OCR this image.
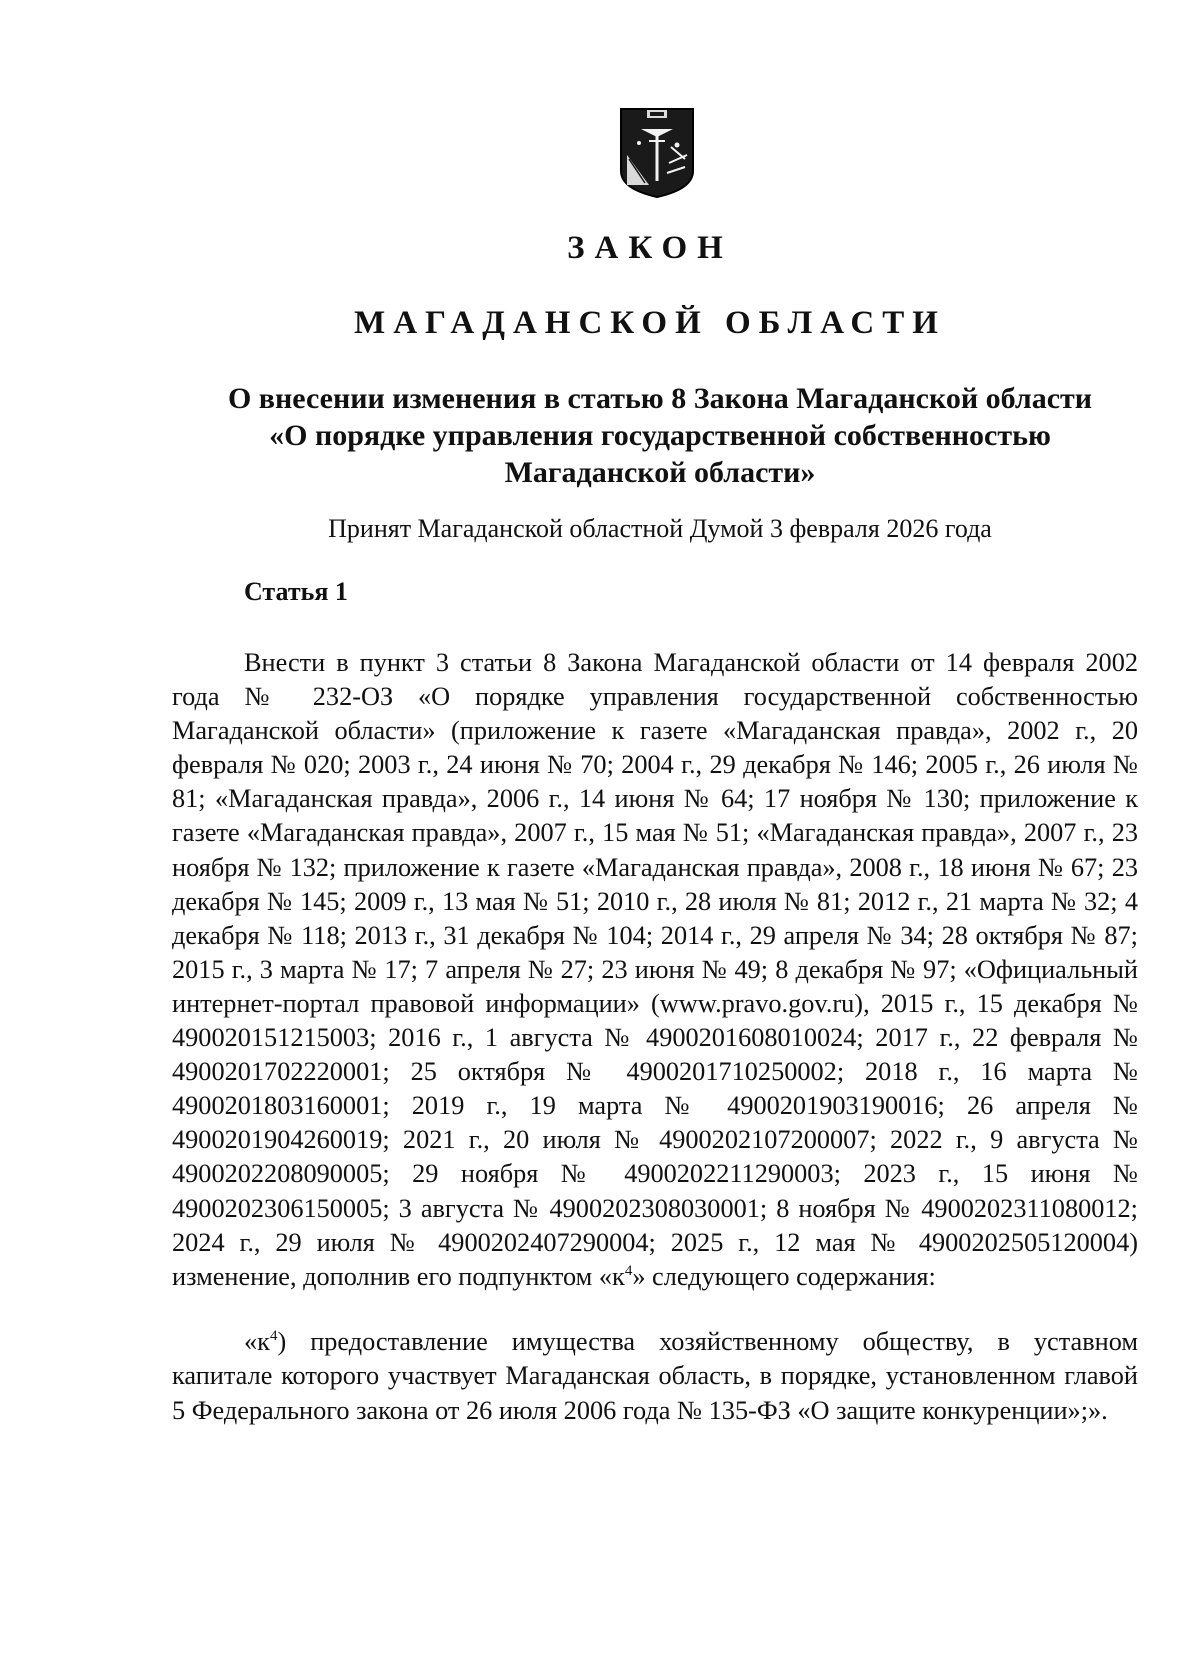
ЗАКОН
МАГАДАНСКОЙ ОБЛАСТИ
О внесении изменения в статью 8 Закона Магаданской области
«О порядке управления государственной собственностью
Магаданской области»
Принят Магаданской областной Думой 3 февраля 2026 года
Статья 1

Внести в пункт 3 статьи 8 Закона Магаданской области от 14 февраля 2002 года № 232-ОЗ «О порядке управления государственной собственностью Магаданской области» (приложение к газете «Магаданская правда», 2002 г., 20 февраля № 020; 2003 г., 24 июня № 70; 2004 г., 29 декабря № 146; 2005 г., 26 июля № 81; «Магаданская правда», 2006 г., 14 июня № 64; 17 ноября № 130; приложение к газете «Магаданская правда», 2007 г., 15 мая № 51; «Магаданская правда», 2007 г., 23 ноября № 132; приложение к газете «Магаданская правда», 2008 г., 18 июня № 67; 23 декабря № 145; 2009 г., 13 мая № 51; 2010 г., 28 июля № 81; 2012 г., 21 марта № 32; 4 декабря № 118; 2013 г., 31 декабря № 104; 2014 г., 29 апреля № 34; 28 октября № 87; 2015 г., 3 марта № 17; 7 апреля № 27; 23 июня № 49; 8 декабря № 97; «Официальный интернет-портал правовой информации» (www.pravo.gov.ru), 2015 г., 15 декабря № 490020151215003; 2016 г., 1 августа № 4900201608010024; 2017 г., 22 февраля № 4900201702220001; 25 октября № 4900201710250002; 2018 г., 16 марта № 4900201803160001; 2019 г., 19 марта № 4900201903190016; 26 апреля № 4900201904260019; 2021 г., 20 июля № 4900202107200007; 2022 г., 9 августа № 4900202208090005; 29 ноября № 4900202211290003; 2023 г., 15 июня № 4900202306150005; 3 августа № 4900202308030001; 8 ноября № 4900202311080012; 2024 г., 29 июля № 4900202407290004; 2025 г., 12 мая № 4900202505120004) изменение, дополнив его подпунктом «$к^4$» следующего содержания:

«$к^4$) предоставление имущества хозяйственному обществу, в уставном капитале которого участвует Магаданская область, в порядке, установленном главой 5 Федерального закона от 26 июля 2006 года № 135-ФЗ «О защите конкуренции»;».
